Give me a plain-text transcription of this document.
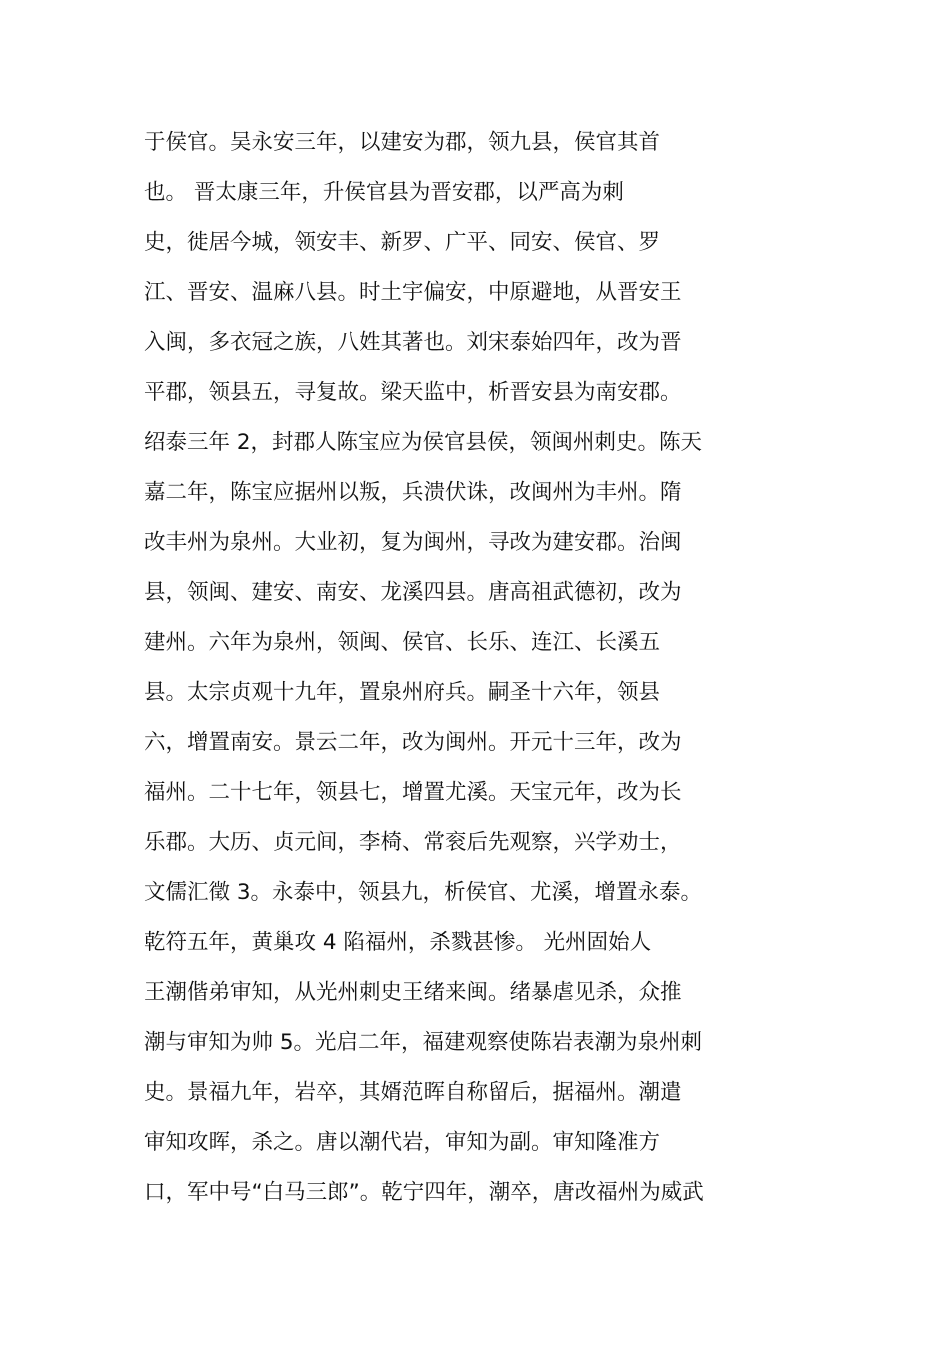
于侯官。吴永安三年，以建安为郡，领九县，侯官其首
也。 晋太康三年，升侯官县为晋安郡，以严高为刺
史，徙居今城，领安丰、新罗、广平、同安、侯官、罗
江、晋安、温麻八县。时土宇偏安，中原避地，从晋安王
入闽，多衣冠之族，八姓其著也。刘宋泰始四年，改为晋
平郡，领县五，寻复故。梁天监中，析晋安县为南安郡。
绍泰三年 2，封郡人陈宝应为侯官县侯，领闽州刺史。陈天
嘉二年，陈宝应据州以叛，兵溃伏诛，改闽州为丰州。隋
改丰州为泉州。大业初，复为闽州，寻改为建安郡。治闽
县，领闽、建安、南安、龙溪四县。唐高祖武德初，改为
建州。六年为泉州，领闽、侯官、长乐、连江、长溪五
县。太宗贞观十九年，置泉州府兵。嗣圣十六年，领县
六，增置南安。景云二年，改为闽州。开元十三年，改为
福州。二十七年，领县七，增置尤溪。天宝元年，改为长
乐郡。大历、贞元间，李椅、常衮后先观察，兴学劝士，
文儒汇徵 3。永泰中，领县九，析侯官、尤溪，增置永泰。
乾符五年，黄巢攻 4 陷福州，杀戮甚惨。 光州固始人
王潮偕弟审知，从光州刺史王绪来闽。绪暴虐见杀，众推
潮与审知为帅 5。光启二年，福建观察使陈岩表潮为泉州刺
史。景福九年，岩卒，其婿范晖自称留后，据福州。潮遣
审知攻晖，杀之。唐以潮代岩，审知为副。审知隆准方
口，军中号“白马三郎”。乾宁四年，潮卒，唐改福州为威武
